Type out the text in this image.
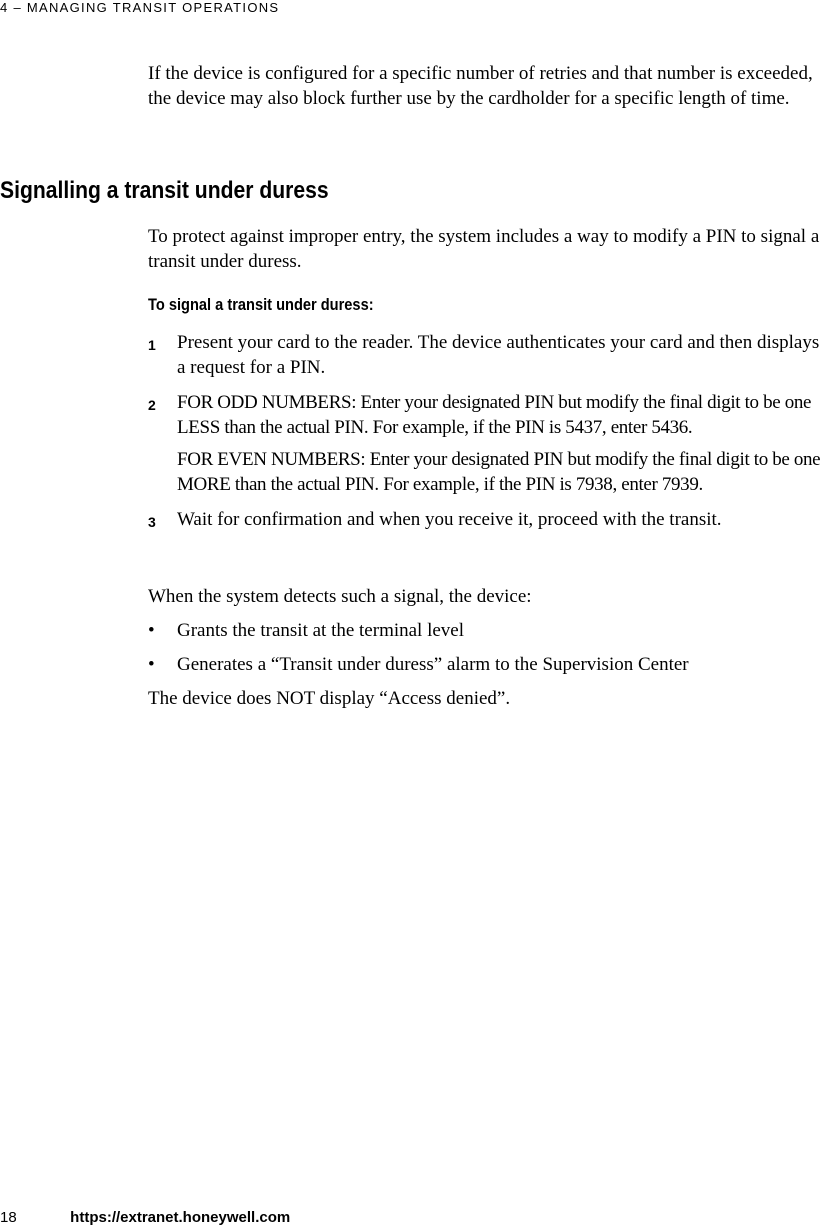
4 – MANAGING TRANSIT OPERATIONS

If the device is configured for a specific number of retries and that number is exceeded, the device may also block further use by the cardholder for a specific length of time.

Signalling a transit under duress

To protect against improper entry, the system includes a way to modify a PIN to signal a transit under duress.

To signal a transit under duress:
1 Present your card to the reader. The device authenticates your card and then displays a request for a PIN.

2 FOR ODD NUMBERS: Enter your designated PIN but modify the final digit to be one LESS than the actual PIN. For example, if the PIN is 5437, enter 5436.

FOR EVEN NUMBERS: Enter your designated PIN but modify the final digit to be one MORE than the actual PIN. For example, if the PIN is 7938, enter 7939.

3 Wait for confirmation and when you receive it, proceed with the transit.

When the system detects such a signal, the device:

• Grants the transit at the terminal level
• Generates a “Transit under duress” alarm to the Supervision Center

The device does NOT display “Access denied”.

18	https://extranet.honeywell.com
